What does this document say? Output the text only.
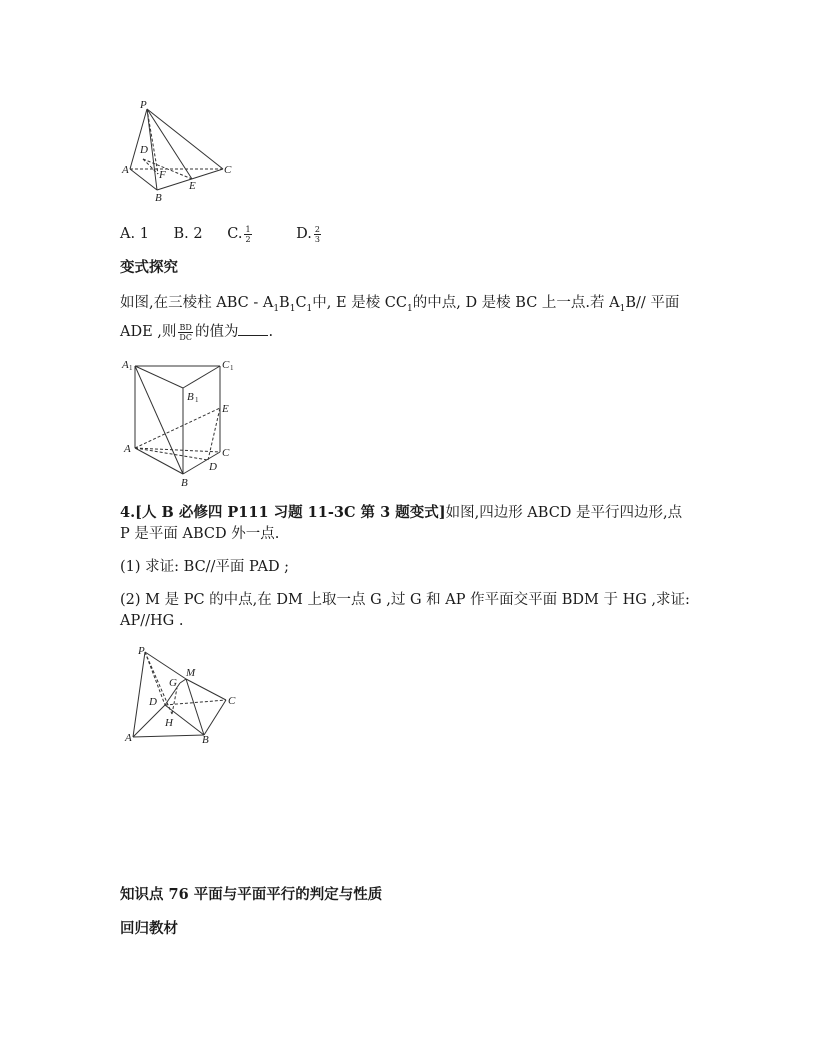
P
D
A	F
B
E
C
A. 1 B. 2 C. $\frac{1}{2} D$. $\frac{2}{3}$
变式探究
如图,在三棱柱 ABC - $A_1B_1C_1$中, E 是棱 $CC_1$的中点, D 是棱 BC 上一点.若 $A_1B//$ 平面
ADE ,则 $\frac{BD}{DC}$ 的值为 .
A 1	C 1
B 1
E
A	C
D
B
4.[人 B 必修四 P111 习题 11-3C 第 3 题变式]如图,四边形 ABCD 是平行四边形,点
P 是平面 ABCD 外一点.
(1) 求证: BC//平面 PAD ;
(2) M 是 PC 的中点,在 DM 上取一点 G ,过 G 和 AP 作平面交平面 BDM 于 HG ,求证:
AP//HG .
P
M
G
D	C
H
A	B
知识点 76 平面与平面平行的判定与性质
回归教材
